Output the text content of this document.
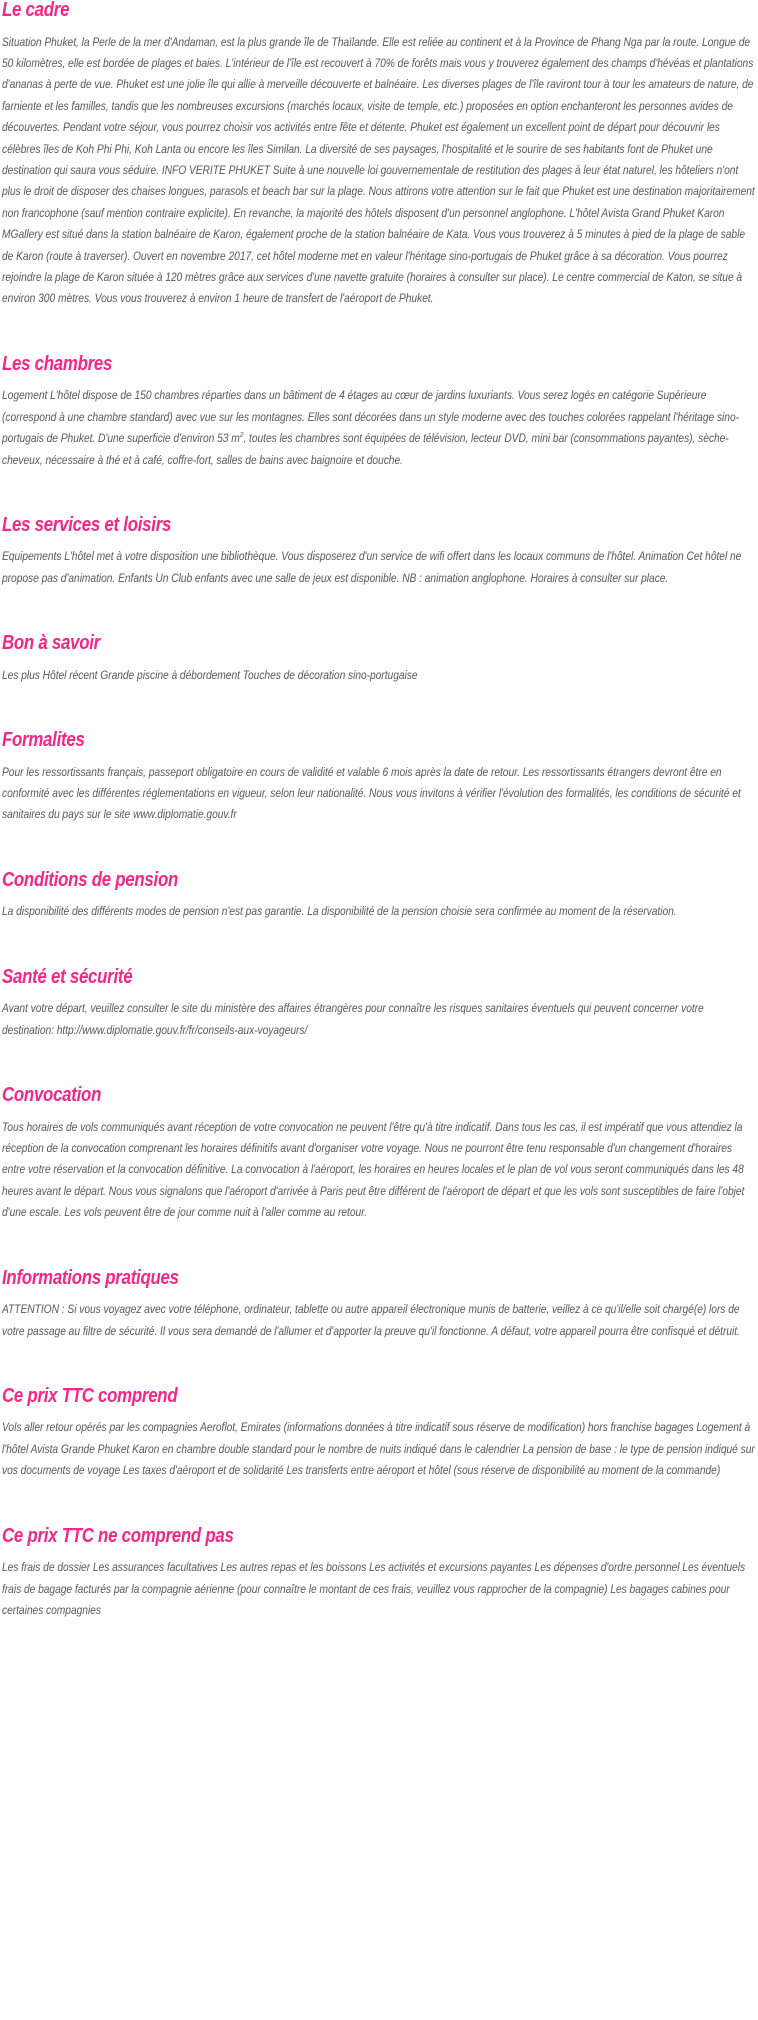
Le cadre

Situation Phuket, la Perle de la mer d'Andaman, est la plus grande île de Thaïlande. Elle est reliée au continent et à la Province de Phang Nga par la route. Longue de 50 kilomètres, elle est bordée de plages et baies. L'intérieur de l'île est recouvert à 70% de forêts mais vous y trouverez également des champs d'hévéas et plantations d'ananas à perte de vue. Phuket est une jolie île qui allie à merveille découverte et balnéaire. Les diverses plages de l'île raviront tour à tour les amateurs de nature, de farniente et les familles, tandis que les nombreuses excursions (marchés locaux, visite de temple, etc.) proposées en option enchanteront les personnes avides de découvertes. Pendant votre séjour, vous pourrez choisir vos activités entre fête et détente. Phuket est également un excellent point de départ pour découvrir les célèbres îles de Koh Phi Phi, Koh Lanta ou encore les îles Similan. La diversité de ses paysages, l'hospitalité et le sourire de ses habitants font de Phuket une destination qui saura vous séduire. INFO VERITE PHUKET Suite à une nouvelle loi gouvernementale de restitution des plages à leur état naturel, les hôteliers n'ont plus le droit de disposer des chaises longues, parasols et beach bar sur la plage. Nous attirons votre attention sur le fait que Phuket est une destination majoritairement non francophone (sauf mention contraire explicite). En revanche, la majorité des hôtels disposent d'un personnel anglophone. L'hôtel Avista Grand Phuket Karon MGallery est situé dans la station balnéaire de Karon, également proche de la station balnéaire de Kata. Vous vous trouverez à 5 minutes à pied de la plage de sable de Karon (route à traverser). Ouvert en novembre 2017, cet hôtel moderne met en valeur l'héritage sino-portugais de Phuket grâce à sa décoration. Vous pourrez rejoindre la plage de Karon située à 120 mètres grâce aux services d'une navette gratuite (horaires à consulter sur place). Le centre commercial de Katon, se situe à environ 300 mètres. Vous vous trouverez à environ 1 heure de transfert de l'aéroport de Phuket.

Les chambres

Logement L'hôtel dispose de 150 chambres réparties dans un bâtiment de 4 étages au cœur de jardins luxuriants. Vous serez logés en catégorie Supérieure (correspond à une chambre standard) avec vue sur les montagnes. Elles sont décorées dans un style moderne avec des touches colorées rappelant l'héritage sino-portugais de Phuket. D'une superficie d'environ 53 $m^2$, toutes les chambres sont équipées de télévision, lecteur DVD, mini bar (consommations payantes), sèche-cheveux, nécessaire à thé et à café, coffre-fort, salles de bains avec baignoire et douche.

Les services et loisirs

Equipements L'hôtel met à votre disposition une bibliothèque. Vous disposerez d'un service de wifi offert dans les locaux communs de l'hôtel. Animation Cet hôtel ne propose pas d'animation. Enfants Un Club enfants avec une salle de jeux est disponible. NB : animation anglophone. Horaires à consulter sur place.

Bon à savoir

Les plus Hôtel récent Grande piscine à débordement Touches de décoration sino-portugaise

Formalites

Pour les ressortissants français, passeport obligatoire en cours de validité et valable 6 mois après la date de retour. Les ressortissants étrangers devront être en conformité avec les différentes réglementations en vigueur, selon leur nationalité. Nous vous invitons à vérifier l'évolution des formalités, les conditions de sécurité et sanitaires du pays sur le site www.diplomatie.gouv.fr

Conditions de pension

La disponibilité des différents modes de pension n'est pas garantie. La disponibilité de la pension choisie sera confirmée au moment de la réservation.

Santé et sécurité

Avant votre départ, veuillez consulter le site du ministère des affaires étrangères pour connaître les risques sanitaires éventuels qui peuvent concerner votre destination: http://www.diplomatie.gouv.fr/fr/conseils-aux-voyageurs/

Convocation

Tous horaires de vols communiqués avant réception de votre convocation ne peuvent l'être qu'à titre indicatif. Dans tous les cas, il est impératif que vous attendiez la réception de la convocation comprenant les horaires définitifs avant d'organiser votre voyage. Nous ne pourront être tenu responsable d'un changement d'horaires entre votre réservation et la convocation définitive. La convocation à l'aéroport, les horaires en heures locales et le plan de vol vous seront communiqués dans les 48 heures avant le départ. Nous vous signalons que l'aéroport d'arrivée à Paris peut être différent de l'aéroport de départ et que les vols sont susceptibles de faire l'objet d'une escale. Les vols peuvent être de jour comme nuit à l'aller comme au retour.

Informations pratiques

ATTENTION : Si vous voyagez avec votre téléphone, ordinateur, tablette ou autre appareil électronique munis de batterie, veillez à ce qu'il/elle soit chargé(e) lors de votre passage au filtre de sécurité. Il vous sera demandé de l'allumer et d'apporter la preuve qu'il fonctionne. A défaut, votre appareil pourra être confisqué et détruit.

Ce prix TTC comprend

Vols aller retour opérés par les compagnies Aeroflot, Emirates (informations données à titre indicatif sous réserve de modification) hors franchise bagages Logement à l'hôtel Avista Grande Phuket Karon en chambre double standard pour le nombre de nuits indiqué dans le calendrier La pension de base : le type de pension indiqué sur vos documents de voyage Les taxes d'aéroport et de solidarité Les transferts entre aéroport et hôtel (sous réserve de disponibilité au moment de la commande)

Ce prix TTC ne comprend pas

Les frais de dossier Les assurances facultatives Les autres repas et les boissons Les activités et excursions payantes Les dépenses d'ordre personnel Les éventuels frais de bagage facturés par la compagnie aérienne (pour connaître le montant de ces frais, veuillez vous rapprocher de la compagnie) Les bagages cabines pour certaines compagnies
